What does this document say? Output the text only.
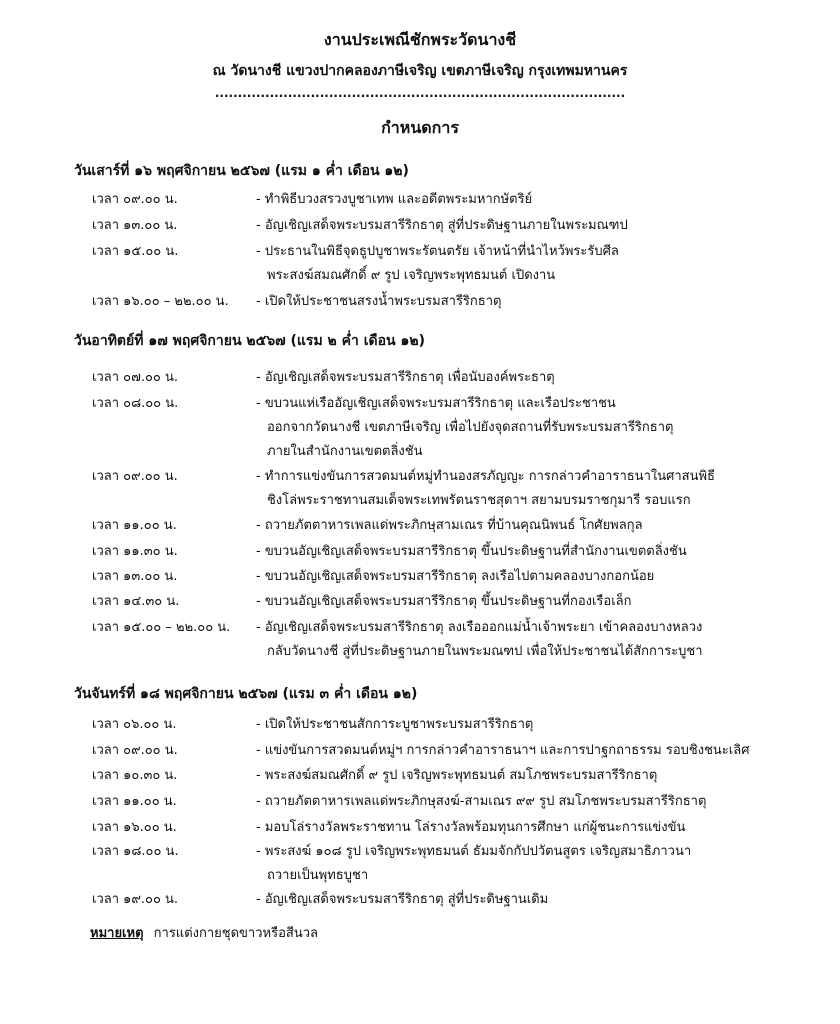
งานประเพณีชักพระวัดนางชี
ณ วัดนางชี แขวงปากคลองภาษีเจริญ เขตภาษีเจริญ กรุงเทพมหานคร
..........................................................................................
กำหนดการ
วันเสาร์ที่ ๑๖ พฤศจิกายน ๒๕๖๗ (แรม ๑ ค่ำ เดือน ๑๒)
เวลา ๐๙.๐๐ น.	- ทำพิธีบวงสรวงบูชาเทพ และอดีตพระมหากษัตริย์
เวลา ๑๓.๐๐ น.	- อัญเชิญเสด็จพระบรมสารีริกธาตุ สู่ที่ประดิษฐานภายในพระมณฑป
เวลา ๑๕.๐๐ น.	- ประธานในพิธีจุดธูปบูชาพระรัตนตรัย เจ้าหน้าที่นำไหว้พระรับศีล
พระสงฆ์สมณศักดิ์ ๙ รูป เจริญพระพุทธมนต์ เปิดงาน
เวลา ๑๖.๐๐ – ๒๒.๐๐ น. - เปิดให้ประชาชนสรงน้ำพระบรมสารีริกธาตุ
วันอาทิตย์ที่ ๑๗ พฤศจิกายน ๒๕๖๗ (แรม ๒ ค่ำ เดือน ๑๒)
เวลา ๐๗.๐๐ น.	- อัญเชิญเสด็จพระบรมสารีริกธาตุ เพื่อนับองค์พระธาตุ
เวลา ๐๘.๐๐ น.	- ขบวนแห่เรืออัญเชิญเสด็จพระบรมสารีริกธาตุ และเรือประชาชน
ออกจากวัดนางชี เขตภาษีเจริญ เพื่อไปยังจุดสถานที่รับพระบรมสารีริกธาตุ
ภายในสำนักงานเขตตลิ่งชัน
เวลา ๐๙.๐๐ น.	- ทำการแข่งขันการสวดมนต์หมู่ทำนองสรภัญญะ การกล่าวคำอาราธนาในศาสนพิธี
ชิงโล่พระราชทานสมเด็จพระเทพรัตนราชสุดาฯ สยามบรมราชกุมารี รอบแรก
เวลา ๑๑.๐๐ น.	- ถวายภัตตาหารเพลแด่พระภิกษุสามเณร ที่บ้านคุณนิพนธ์ โกศัยพลกุล
เวลา ๑๑.๓๐ น.	- ขบวนอัญเชิญเสด็จพระบรมสารีริกธาตุ ขึ้นประดิษฐานที่สำนักงานเขตตลิ่งชัน
เวลา ๑๓.๐๐ น.	- ขบวนอัญเชิญเสด็จพระบรมสารีริกธาตุ ลงเรือไปตามคลองบางกอกน้อย
เวลา ๑๔.๓๐ น.	- ขบวนอัญเชิญเสด็จพระบรมสารีริกธาตุ ขึ้นประดิษฐานที่กองเรือเล็ก
เวลา ๑๕.๐๐ – ๒๒.๐๐ น. - อัญเชิญเสด็จพระบรมสารีริกธาตุ ลงเรือออกแม่น้ำเจ้าพระยา เข้าคลองบางหลวง
กลับวัดนางชี สู่ที่ประดิษฐานภายในพระมณฑป เพื่อให้ประชาชนได้สักการะบูชา
วันจันทร์ที่ ๑๘ พฤศจิกายน ๒๕๖๗ (แรม ๓ ค่ำ เดือน ๑๒)
เวลา ๐๖.๐๐ น.	- เปิดให้ประชาชนสักการะบูชาพระบรมสารีริกธาตุ
เวลา ๐๙.๐๐ น.	- แข่งขันการสวดมนต์หมู่ฯ การกล่าวคำอาราธนาฯ และการปาฐกถาธรรม รอบชิงชนะเลิศ
เวลา ๑๐.๓๐ น.	- พระสงฆ์สมณศักดิ์ ๙ รูป เจริญพระพุทธมนต์ สมโภชพระบรมสารีริกธาตุ
เวลา ๑๑.๐๐ น.	- ถวายภัตตาหารเพลแด่พระภิกษุสงฆ์-สามเณร ๙๙ รูป สมโภชพระบรมสารีริกธาตุ
เวลา ๑๖.๐๐ น.	- มอบโล่รางวัลพระราชทาน โล่รางวัลพร้อมทุนการศึกษา แก่ผู้ชนะการแข่งขัน
เวลา ๑๘.๐๐ น.	- พระสงฆ์ ๑๐๘ รูป เจริญพระพุทธมนต์ ธัมมจักกัปปวัตนสูตร เจริญสมาธิภาวนา
ถวายเป็นพุทธบูชา
เวลา ๑๙.๐๐ น.	- อัญเชิญเสด็จพระบรมสารีริกธาตุ สู่ที่ประดิษฐานเดิม
หมายเหตุ การแต่งกายชุดขาวหรือสีนวล
